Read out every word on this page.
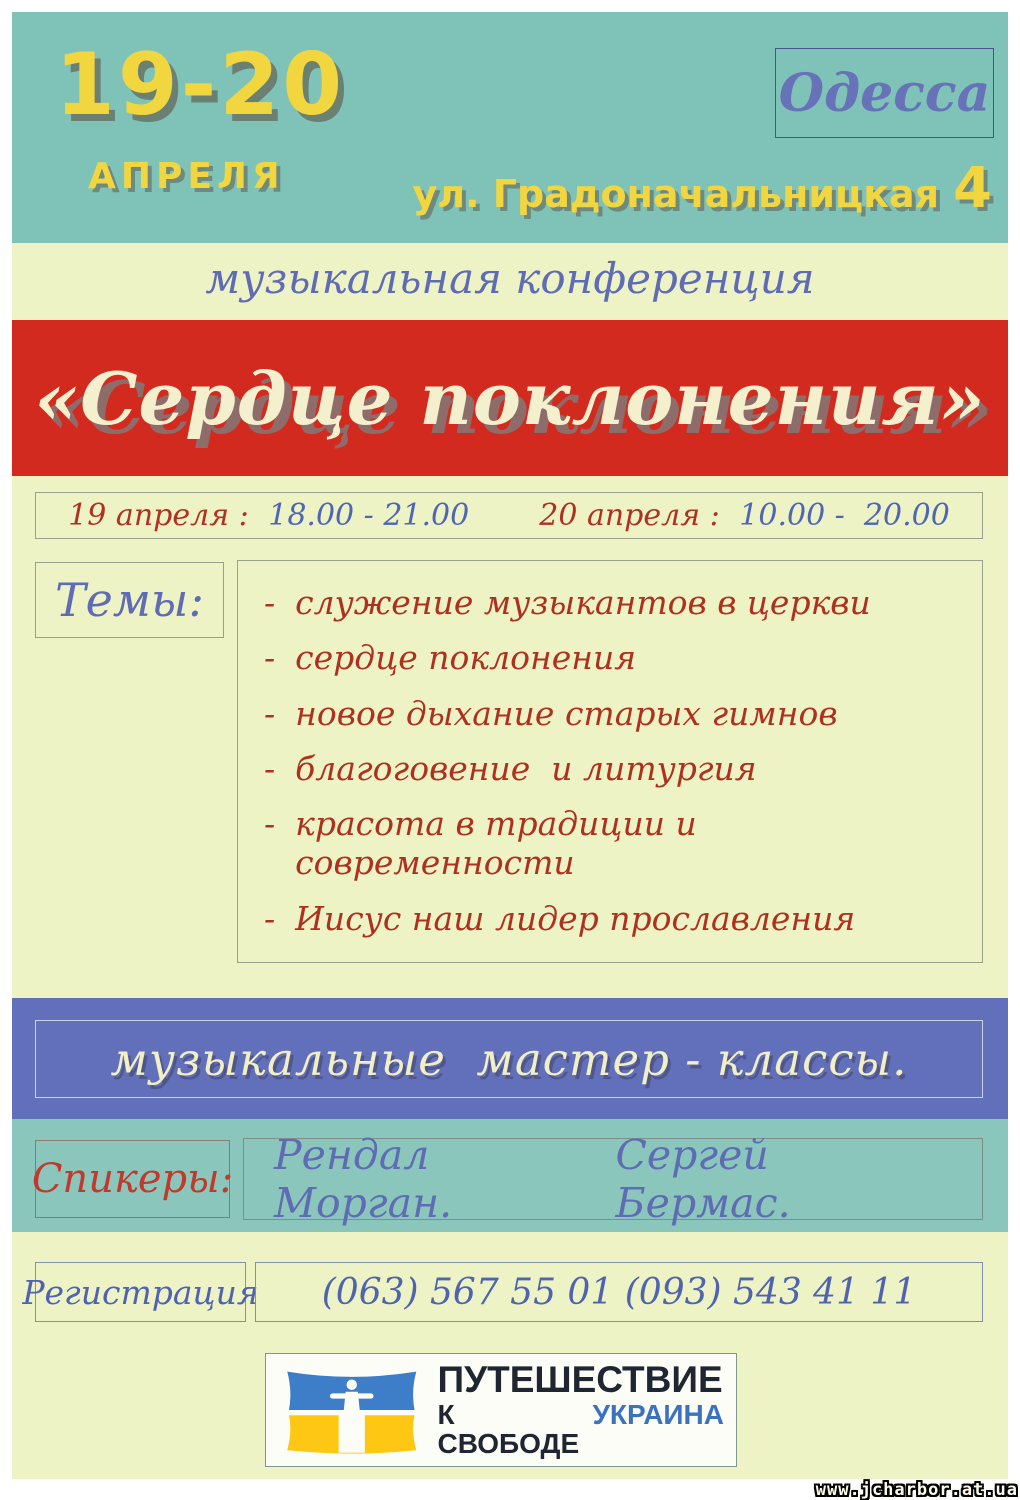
19-20
АПРЕЛЯ
Одесса
ул. Градоначальницкая 4
музыкальная конференция
«Сердце поклонения»
19 апреля : 18.00 - 21.00 20 апреля : 10.00 -  20.00
Темы: - служение музыкантов в церкви
- сердце поклонения
- новое дыхание старых гимнов
- благоговение  и литургия
- красота в традиции и современности
- Иисус наш лидер прославления
музыкальные  мастер - классы.
Спикеры: Рендал Морган.
Сергей Бермас.
Регистрация (063) 567 55 01 (093) 543 41 11
ПУТЕШЕСТВИЕ
К СВОБОДЕ
УКРАИНА
www.jcharbor.at.ua
